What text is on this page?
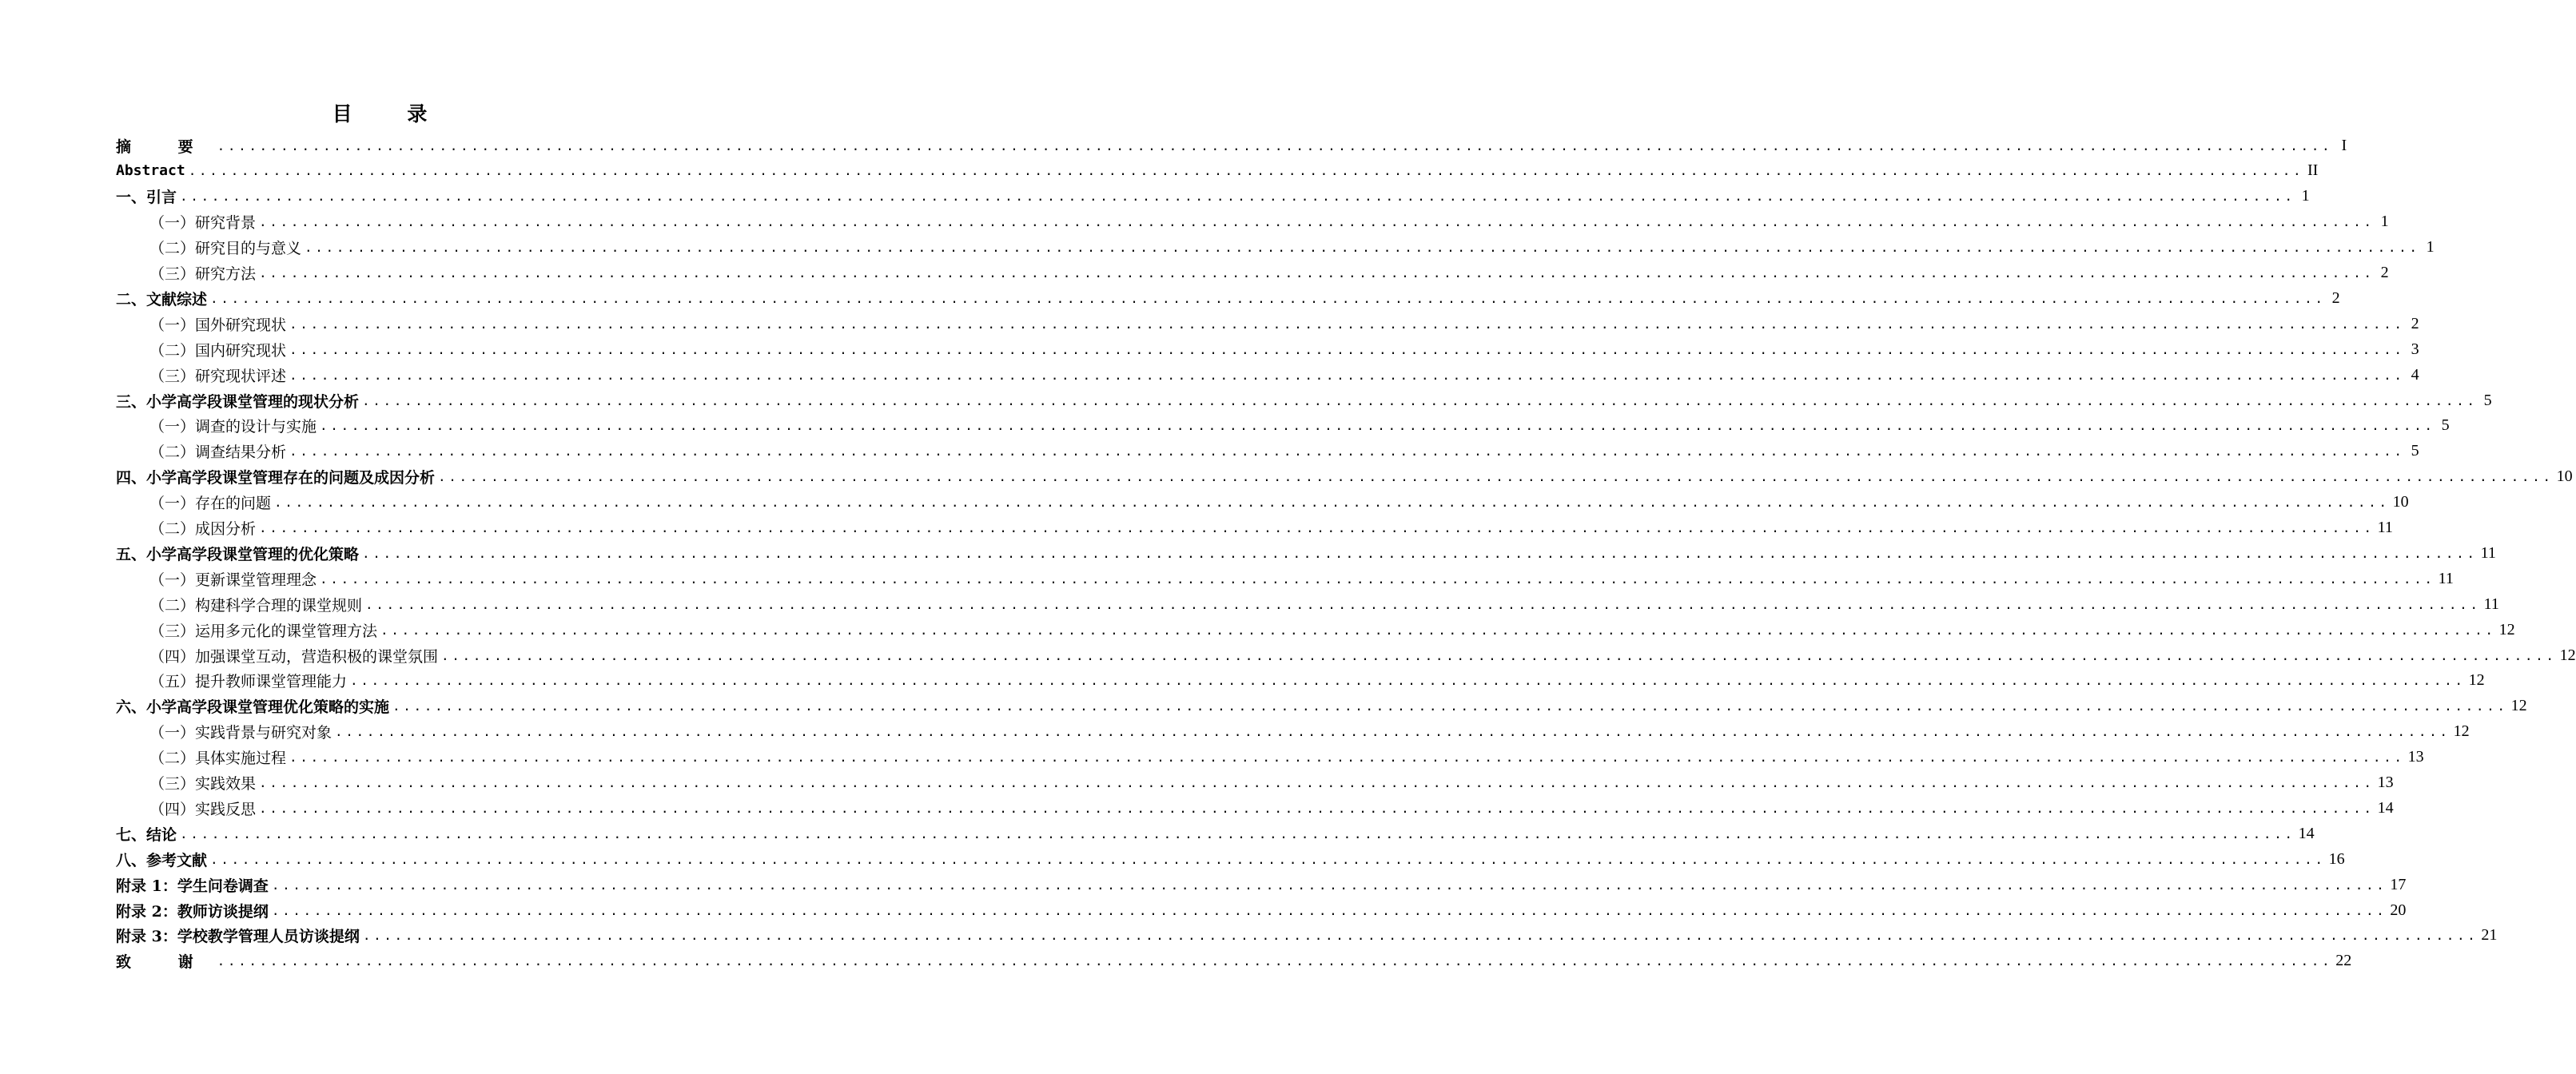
目 录
摘 要 ........................................................................................................................................................................................................ I
Abstract ........................................................................................................................................................................................................ II
一、引言 ........................................................................................................................................................................................................ 1
（一）研究背景 ........................................................................................................................................................................................................ 1
（二）研究目的与意义 ........................................................................................................................................................................................................ 1
（三）研究方法 ........................................................................................................................................................................................................ 2
二、文献综述 ........................................................................................................................................................................................................ 2
（一）国外研究现状 ........................................................................................................................................................................................................ 2
（二）国内研究现状 ........................................................................................................................................................................................................ 3
（三）研究现状评述 ........................................................................................................................................................................................................ 4
三、小学高学段课堂管理的现状分析 ........................................................................................................................................................................................................ 5
（一）调查的设计与实施 ........................................................................................................................................................................................................ 5
（二）调查结果分析 ........................................................................................................................................................................................................ 5
四、小学高学段课堂管理存在的问题及成因分析 ........................................................................................................................................................................................................ 10
（一）存在的问题 ........................................................................................................................................................................................................ 10
（二）成因分析 ........................................................................................................................................................................................................ 11
五、小学高学段课堂管理的优化策略 ........................................................................................................................................................................................................ 11
（一）更新课堂管理理念 ........................................................................................................................................................................................................ 11
（二）构建科学合理的课堂规则 ........................................................................................................................................................................................................ 11
（三）运用多元化的课堂管理方法 ........................................................................................................................................................................................................ 12
（四）加强课堂互动，营造积极的课堂氛围 ........................................................................................................................................................................................................ 12
（五）提升教师课堂管理能力 ........................................................................................................................................................................................................ 12
六、小学高学段课堂管理优化策略的实施 ........................................................................................................................................................................................................ 12
（一）实践背景与研究对象 ........................................................................................................................................................................................................ 12
（二）具体实施过程 ........................................................................................................................................................................................................ 13
（三）实践效果 ........................................................................................................................................................................................................ 13
（四）实践反思 ........................................................................................................................................................................................................ 14
七、结论 ........................................................................................................................................................................................................ 14
八、参考文献 ........................................................................................................................................................................................................ 16
附录 1：学生问卷调查 ........................................................................................................................................................................................................ 17
附录 2：教师访谈提纲 ........................................................................................................................................................................................................ 20
附录 3：学校教学管理人员访谈提纲 ........................................................................................................................................................................................................ 21
致 谢 ........................................................................................................................................................................................................ 22
